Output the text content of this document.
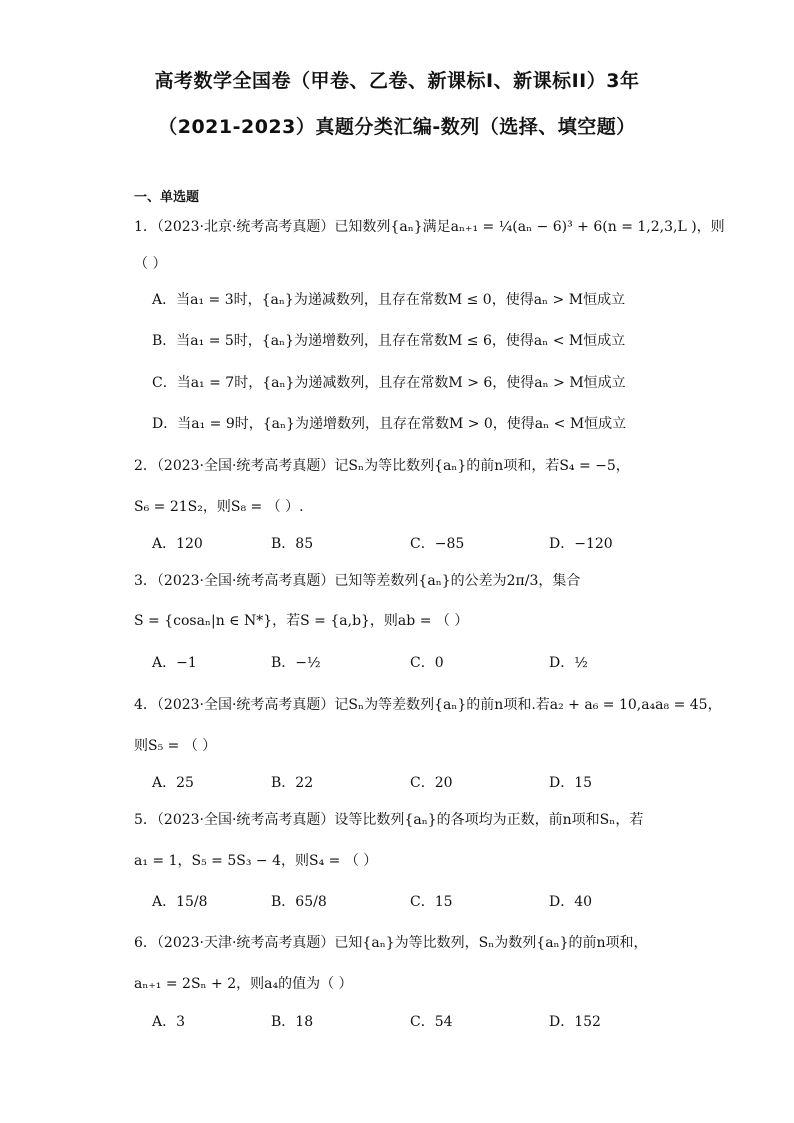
高考数学全国卷（甲卷、乙卷、新课标I、新课标II）3年
（2021-2023）真题分类汇编-数列（选择、填空题）
一、单选题
1．（2023·北京·统考高考真题）已知数列{aₙ}满足aₙ₊₁ = ¼(aₙ − 6)³ + 6(n = 1,2,3,L )，则
（ ）
A．当a₁ = 3时，{aₙ}为递减数列，且存在常数M ≤ 0，使得aₙ > M恒成立
B．当a₁ = 5时，{aₙ}为递增数列，且存在常数M ≤ 6，使得aₙ < M恒成立
C．当a₁ = 7时，{aₙ}为递减数列，且存在常数M > 6，使得aₙ > M恒成立
D．当a₁ = 9时，{aₙ}为递增数列，且存在常数M > 0，使得aₙ < M恒成立
2．（2023·全国·统考高考真题）记Sₙ为等比数列{aₙ}的前n项和，若S₄ = −5，
S₆ = 21S₂，则S₈ = （ ）.
A．120	B．85	C．−85	D．−120
3．（2023·全国·统考高考真题）已知等差数列{aₙ}的公差为2π/3，集合
S = {cosaₙ|n ∈ N*}，若S = {a,b}，则ab = （ ）
A．−1	B．−½	C．0	D．½
4．（2023·全国·统考高考真题）记Sₙ为等差数列{aₙ}的前n项和.若a₂ + a₆ = 10,a₄a₈ = 45，
则S₅ = （ ）
A．25	B．22	C．20	D．15
5．（2023·全国·统考高考真题）设等比数列{aₙ}的各项均为正数，前n项和Sₙ，若
a₁ = 1，S₅ = 5S₃ − 4，则S₄ = （ ）
A．15/8	B．65/8	C．15	D．40
6．（2023·天津·统考高考真题）已知{aₙ}为等比数列，Sₙ为数列{aₙ}的前n项和，
aₙ₊₁ = 2Sₙ + 2，则a₄的值为（ ）
A．3	B．18	C．54	D．152
